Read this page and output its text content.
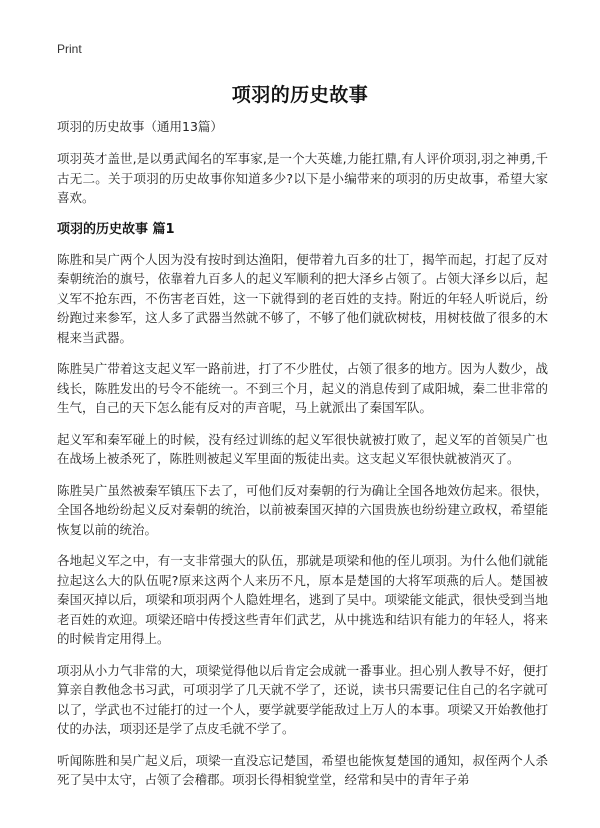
Print
项羽的历史故事

项羽的历史故事（通用13篇）

项羽英才盖世,是以勇武闻名的军事家,是一个大英雄,力能扛鼎,有人评价项羽,羽之神勇,千古无二。关于项羽的历史故事你知道多少?以下是小编带来的项羽的历史故事，希望大家喜欢。

项羽的历史故事 篇1

陈胜和吴广两个人因为没有按时到达渔阳，便带着九百多的壮丁，揭竿而起，打起了反对秦朝统治的旗号，依靠着九百多人的起义军顺利的把大泽乡占领了。占领大泽乡以后，起义军不抢东西，不伤害老百姓，这一下就得到的老百姓的支持。附近的年轻人听说后，纷纷跑过来参军，这人多了武器当然就不够了，不够了他们就砍树枝，用树枝做了很多的木棍来当武器。

陈胜吴广带着这支起义军一路前进，打了不少胜仗，占领了很多的地方。因为人数少，战线长，陈胜发出的号令不能统一。不到三个月，起义的消息传到了咸阳城，秦二世非常的生气，自己的天下怎么能有反对的声音呢，马上就派出了秦国军队。

起义军和秦军碰上的时候，没有经过训练的起义军很快就被打败了，起义军的首领吴广也在战场上被杀死了，陈胜则被起义军里面的叛徒出卖。这支起义军很快就被消灭了。

陈胜吴广虽然被秦军镇压下去了，可他们反对秦朝的行为确让全国各地效仿起来。很快，全国各地纷纷起义反对秦朝的统治，以前被秦国灭掉的六国贵族也纷纷建立政权，希望能恢复以前的统治。

各地起义军之中，有一支非常强大的队伍，那就是项梁和他的侄儿项羽。为什么他们就能拉起这么大的队伍呢?原来这两个人来历不凡，原本是楚国的大将军项燕的后人。楚国被秦国灭掉以后，项梁和项羽两个人隐姓埋名，逃到了吴中。项梁能文能武，很快受到当地老百姓的欢迎。项梁还暗中传授这些青年们武艺，从中挑选和结识有能力的年轻人，将来的时候肯定用得上。

项羽从小力气非常的大，项梁觉得他以后肯定会成就一番事业。担心别人教导不好，便打算亲自教他念书习武，可项羽学了几天就不学了，还说，读书只需要记住自己的名字就可以了，学武也不过能打的过一个人，要学就要学能敌过上万人的本事。项梁又开始教他打仗的办法，项羽还是学了点皮毛就不学了。

听闻陈胜和吴广起义后，项梁一直没忘记楚国，希望也能恢复楚国的通知，叔侄两个人杀死了吴中太守，占领了会稽郡。项羽长得相貌堂堂，经常和吴中的青年子弟
